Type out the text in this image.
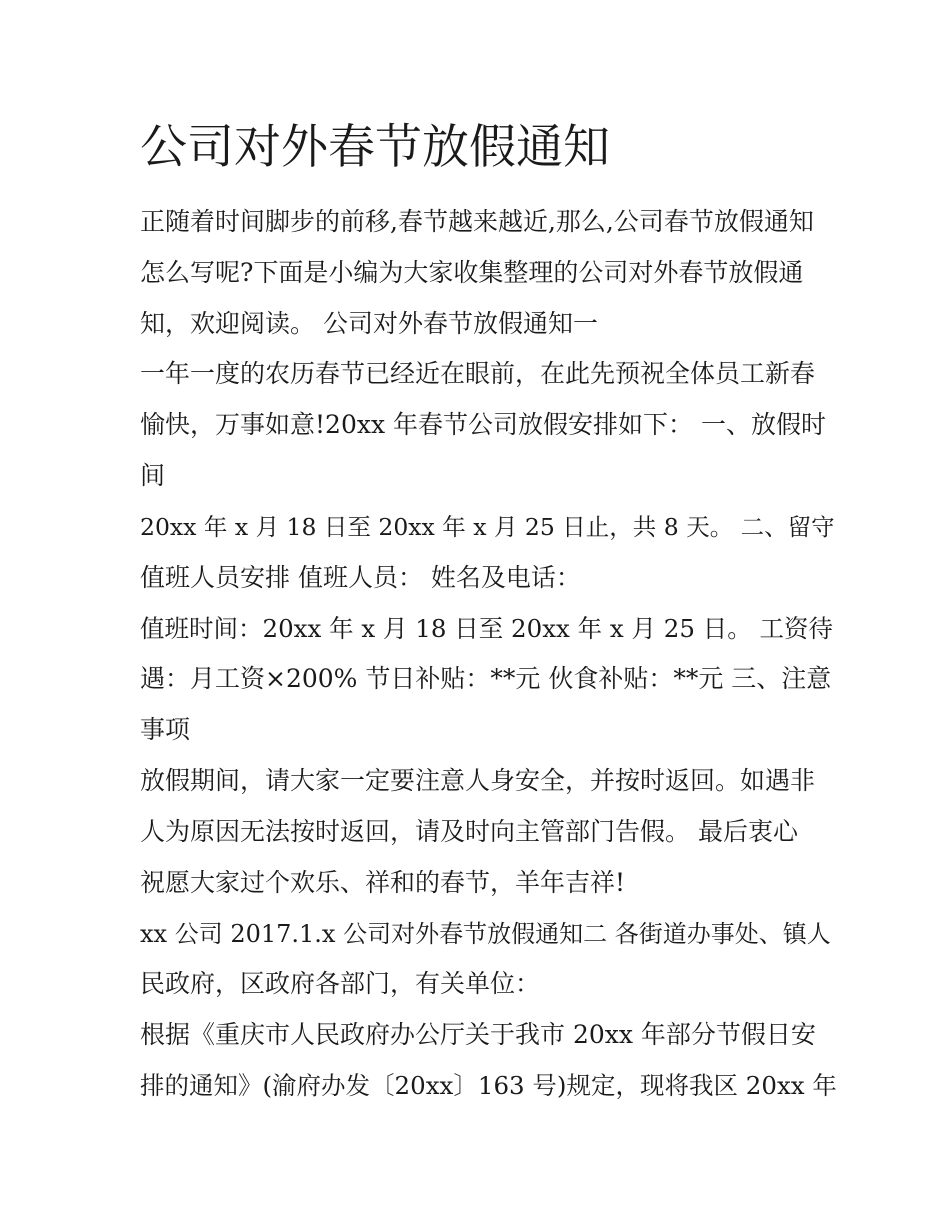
公司对外春节放假通知
正随着时间脚步的前移,春节越来越近,那么,公司春节放假通知
怎么写呢?下面是小编为大家收集整理的公司对外春节放假通
知，欢迎阅读。 公司对外春节放假通知一
一年一度的农历春节已经近在眼前，在此先预祝全体员工新春
愉快，万事如意!20xx 年春节公司放假安排如下： 一、放假时
间
20xx 年 x 月 18 日至 20xx 年 x 月 25 日止，共 8 天。 二、留守
值班人员安排 值班人员： 姓名及电话：
值班时间：20xx 年 x 月 18 日至 20xx 年 x 月 25 日。 工资待
遇：月工资×200% 节日补贴：**元 伙食补贴：**元 三、注意
事项
放假期间，请大家一定要注意人身安全，并按时返回。如遇非
人为原因无法按时返回，请及时向主管部门告假。 最后衷心
祝愿大家过个欢乐、祥和的春节，羊年吉祥!
xx 公司 2017.1.x 公司对外春节放假通知二 各街道办事处、镇人
民政府，区政府各部门，有关单位：
根据《重庆市人民政府办公厅关于我市 20xx 年部分节假日安
排的通知》(渝府办发〔20xx〕163 号)规定，现将我区 20xx 年
